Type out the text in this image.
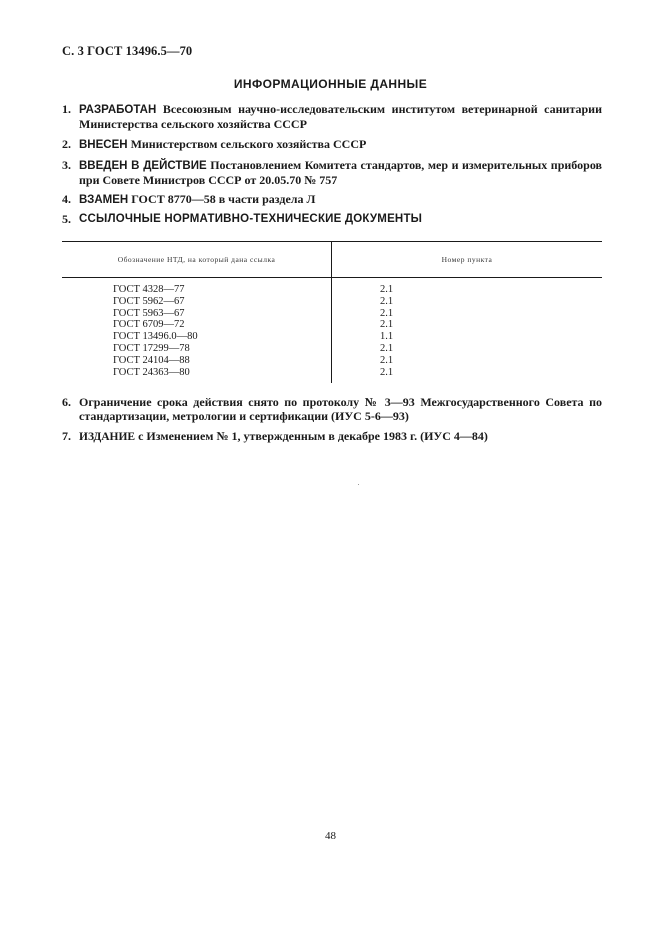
С. 3 ГОСТ 13496.5—70
ИНФОРМАЦИОННЫЕ ДАННЫЕ
1. РАЗРАБОТАН Всесоюзным научно-исследовательским институтом ветеринарной санитарии Министерства сельского хозяйства СССР
2. ВНЕСЕН Министерством сельского хозяйства СССР
3. ВВЕДЕН В ДЕЙСТВИЕ Постановлением Комитета стандартов, мер и измерительных приборов при Совете Министров СССР от 20.05.70 № 757
4. ВЗАМЕН ГОСТ 8770—58 в части раздела Л
5. ССЫЛОЧНЫЕ НОРМАТИВНО-ТЕХНИЧЕСКИЕ ДОКУМЕНТЫ
Обозначение НТД, на который дана ссылка	Номер пункта
ГОСТ 4328—77
ГОСТ 5962—67
ГОСТ 5963—67
ГОСТ 6709—72
ГОСТ 13496.0—80
ГОСТ 17299—78
ГОСТ 24104—88
ГОСТ 24363—80
2.1
2.1
2.1
2.1
1.1
2.1
2.1
2.1
6. Ограничение срока действия снято по протоколу № 3—93 Межгосударственного Совета по стандартизации, метрологии и сертификации (ИУС 5-6—93)
7. ИЗДАНИЕ с Изменением № 1, утвержденным в декабре 1983 г. (ИУС 4—84)
48
